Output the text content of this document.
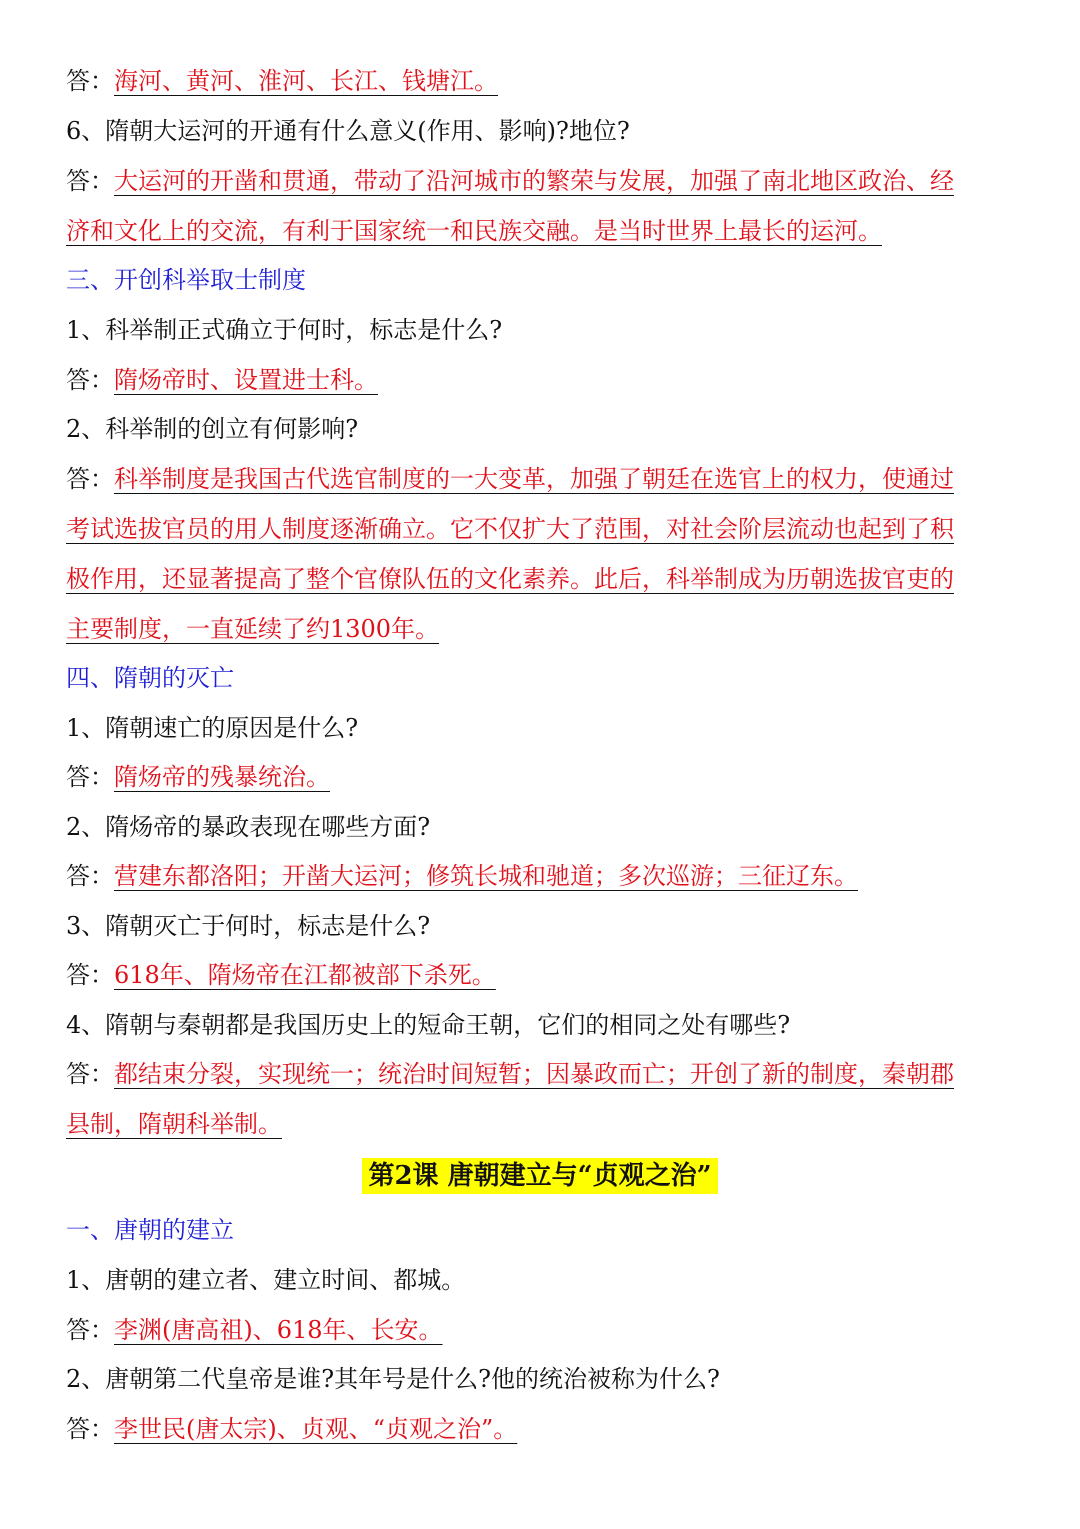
答：海河、黄河、淮河、长江、钱塘江。
6、隋朝大运河的开通有什么意义(作用、影响)?地位?
答：大运河的开凿和贯通，带动了沿河城市的繁荣与发展，加强了南北地区政治、经
济和文化上的交流，有利于国家统一和民族交融。是当时世界上最长的运河。
三、开创科举取士制度
1、科举制正式确立于何时，标志是什么?
答：隋炀帝时、设置进士科。
2、科举制的创立有何影响?
答：科举制度是我国古代选官制度的一大变革，加强了朝廷在选官上的权力，使通过
考试选拔官员的用人制度逐渐确立。它不仅扩大了范围，对社会阶层流动也起到了积
极作用，还显著提高了整个官僚队伍的文化素养。此后，科举制成为历朝选拔官吏的
主要制度，一直延续了约1300年。
四、隋朝的灭亡
1、隋朝速亡的原因是什么?
答：隋炀帝的残暴统治。
2、隋炀帝的暴政表现在哪些方面?
答：营建东都洛阳；开凿大运河；修筑长城和驰道；多次巡游；三征辽东。
3、隋朝灭亡于何时，标志是什么?
答：618年、隋炀帝在江都被部下杀死。
4、隋朝与秦朝都是我国历史上的短命王朝，它们的相同之处有哪些?
答：都结束分裂，实现统一；统治时间短暂；因暴政而亡；开创了新的制度，秦朝郡
县制，隋朝科举制。
第2课 唐朝建立与“贞观之治”
一、唐朝的建立
1、唐朝的建立者、建立时间、都城。
答：李渊(唐高祖)、618年、长安。
2、唐朝第二代皇帝是谁?其年号是什么?他的统治被称为什么?
答：李世民(唐太宗)、贞观、“贞观之治”。
